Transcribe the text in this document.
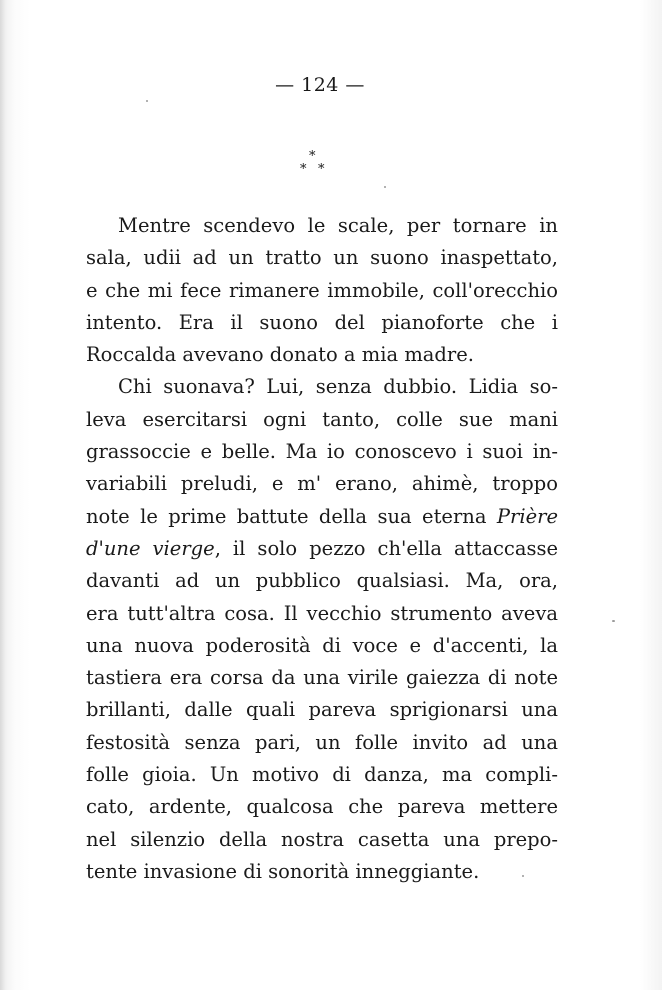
— 124 —
*
* *
Mentre scendevo le scale, per tornare in
sala, udii ad un tratto un suono inaspettato,
e che mi fece rimanere immobile, coll'orecchio
intento. Era il suono del pianoforte che i
Roccalda avevano donato a mia madre.
Chi suonava? Lui, senza dubbio. Lidia so-
leva esercitarsi ogni tanto, colle sue mani
grassoccie e belle. Ma io conoscevo i suoi in-
variabili preludi, e m' erano, ahimè, troppo
note le prime battute della sua eterna Prière
d'une vierge, il solo pezzo ch'ella attaccasse
davanti ad un pubblico qualsiasi. Ma, ora,
era tutt'altra cosa. Il vecchio strumento aveva
una nuova poderosità di voce e d'accenti, la
tastiera era corsa da una virile gaiezza di note
brillanti, dalle quali pareva sprigionarsi una
festosità senza pari, un folle invito ad una
folle gioia. Un motivo di danza, ma compli-
cato, ardente, qualcosa che pareva mettere
nel silenzio della nostra casetta una prepo-
tente invasione di sonorità inneggiante.
